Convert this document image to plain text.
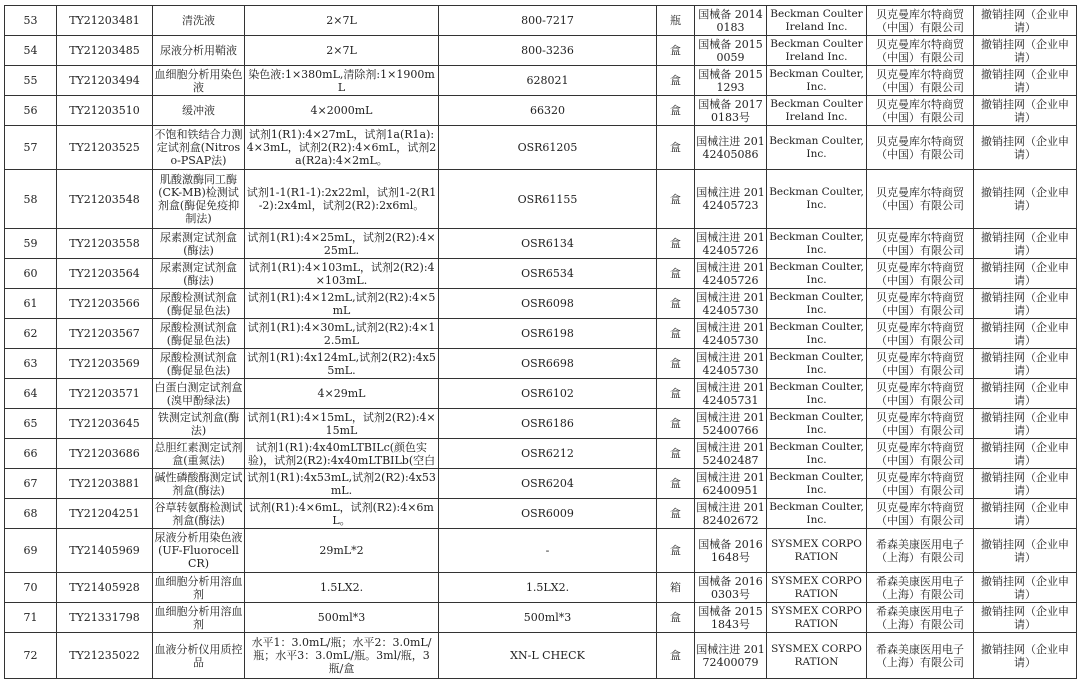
53	TY21203481	清洗液	2×7L	800-7217	瓶	国械备 20140183	Beckman Coulter Ireland Inc.	贝克曼库尔特商贸（中国）有限公司	撤销挂网（企业申请）
54	TY21203485	尿液分析用鞘液	2×7L	800-3236	盒	国械备 20150059	Beckman Coulter Ireland Inc.	贝克曼库尔特商贸（中国）有限公司	撤销挂网（企业申请）
55	TY21203494	血细胞分析用染色液	染色液:1×380mL,清除剂:1×1900mL	628021	盒	国械备 20151293	Beckman Coulter, Inc.	贝克曼库尔特商贸（中国）有限公司	撤销挂网（企业申请）
56	TY21203510	缓冲液	4×2000mL	66320	盒	国械备 20170183号	Beckman Coulter Ireland Inc.	贝克曼库尔特商贸（中国）有限公司	撤销挂网（企业申请）
57	TY21203525	不饱和铁结合力测定试剂盒(Nitroso-PSAP法)	试剂1(R1):4×27mL，试剂1a(R1a):4×3mL，试剂2(R2):4×6mL，试剂2a(R2a):4×2mL。	OSR61205	盒	国械注进 20142405086	Beckman Coulter, Inc.	贝克曼库尔特商贸（中国）有限公司	撤销挂网（企业申请）
58	TY21203548	肌酸激酶同工酶(CK-MB)检测试剂盒(酶促免疫抑制法)	试剂1-1(R1-1):2x22ml，试剂1-2(R1-2):2x4ml，试剂2(R2):2x6ml。	OSR61155	盒	国械注进 20142405723	Beckman Coulter, Inc.	贝克曼库尔特商贸（中国）有限公司	撤销挂网（企业申请）
59	TY21203558	尿素测定试剂盒(酶法)	试剂1(R1):4×25mL，试剂2(R2):4×25mL.	OSR6134	盒	国械注进 20142405726	Beckman Coulter, Inc.	贝克曼库尔特商贸（中国）有限公司	撤销挂网（企业申请）
60	TY21203564	尿素测定试剂盒(酶法)	试剂1(R1):4×103mL，试剂2(R2):4×103mL.	OSR6534	盒	国械注进 20142405726	Beckman Coulter, Inc.	贝克曼库尔特商贸（中国）有限公司	撤销挂网（企业申请）
61	TY21203566	尿酸检测试剂盒(酶促显色法)	试剂1(R1):4×12mL,试剂2(R2):4×5mL	OSR6098	盒	国械注进 20142405730	Beckman Coulter, Inc.	贝克曼库尔特商贸（中国）有限公司	撤销挂网（企业申请）
62	TY21203567	尿酸检测试剂盒(酶促显色法)	试剂1(R1):4×30mL,试剂2(R2):4×12.5mL	OSR6198	盒	国械注进 20142405730	Beckman Coulter, Inc.	贝克曼库尔特商贸（中国）有限公司	撤销挂网（企业申请）
63	TY21203569	尿酸检测试剂盒(酶促显色法)	试剂1(R1):4x124mL,试剂2(R2):4x55mL.	OSR6698	盒	国械注进 20142405730	Beckman Coulter, Inc.	贝克曼库尔特商贸（中国）有限公司	撤销挂网（企业申请）
64	TY21203571	白蛋白测定试剂盒(溴甲酚绿法)	4×29mL	OSR6102	盒	国械注进 20142405731	Beckman Coulter, Inc.	贝克曼库尔特商贸（中国）有限公司	撤销挂网（企业申请）
65	TY21203645	铁测定试剂盒(酶法)	试剂1(R1):4×15mL，试剂2(R2):4×15mL	OSR6186	盒	国械注进 20152400766	Beckman Coulter, Inc.	贝克曼库尔特商贸（中国）有限公司	撤销挂网（企业申请）
66	TY21203686	总胆红素测定试剂盒(重氮法)	试剂1(R1):4x40mLTBILc(颜色实验)，试剂2(R2):4x40mLTBILb(空白	OSR6212	盒	国械注进 20152402487	Beckman Coulter, Inc.	贝克曼库尔特商贸（中国）有限公司	撤销挂网（企业申请）
67	TY21203881	碱性磷酸酶测定试剂盒(酶法)	试剂1(R1):4x53mL,试剂2(R2):4x53mL.	OSR6204	盒	国械注进 20162400951	Beckman Coulter, Inc.	贝克曼库尔特商贸（中国）有限公司	撤销挂网（企业申请）
68	TY21204251	谷草转氨酶检测试剂盒(酶法)	试剂(R1):4×6mL，试剂(R2):4×6mL。	OSR6009	盒	国械注进 20182402672	Beckman Coulter, Inc.	贝克曼库尔特商贸（中国）有限公司	撤销挂网（企业申请）
69	TY21405969	尿液分析用染色液(UF-Fluorocell CR)	29mL*2	-	盒	国械备 20161648号	SYSMEX CORPORATION	希森美康医用电子（上海）有限公司	撤销挂网（企业申请）
70	TY21405928	血细胞分析用溶血剂	1.5LX2.	1.5LX2.	箱	国械备 20160303号	SYSMEX CORPORATION	希森美康医用电子（上海）有限公司	撤销挂网（企业申请）
71	TY21331798	血细胞分析用溶血剂	500ml*3	500ml*3	盒	国械备 20151843号	SYSMEX CORPORATION	希森美康医用电子（上海）有限公司	撤销挂网（企业申请）
72	TY21235022	血液分析仪用质控品	水平1：3.0mL/瓶；水平2：3.0mL/瓶；水平3：3.0mL/瓶。3ml/瓶，3瓶/盒	XN-L CHECK	盒	国械注进 20172400079	SYSMEX CORPORATION	希森美康医用电子（上海）有限公司	撤销挂网（企业申请）
